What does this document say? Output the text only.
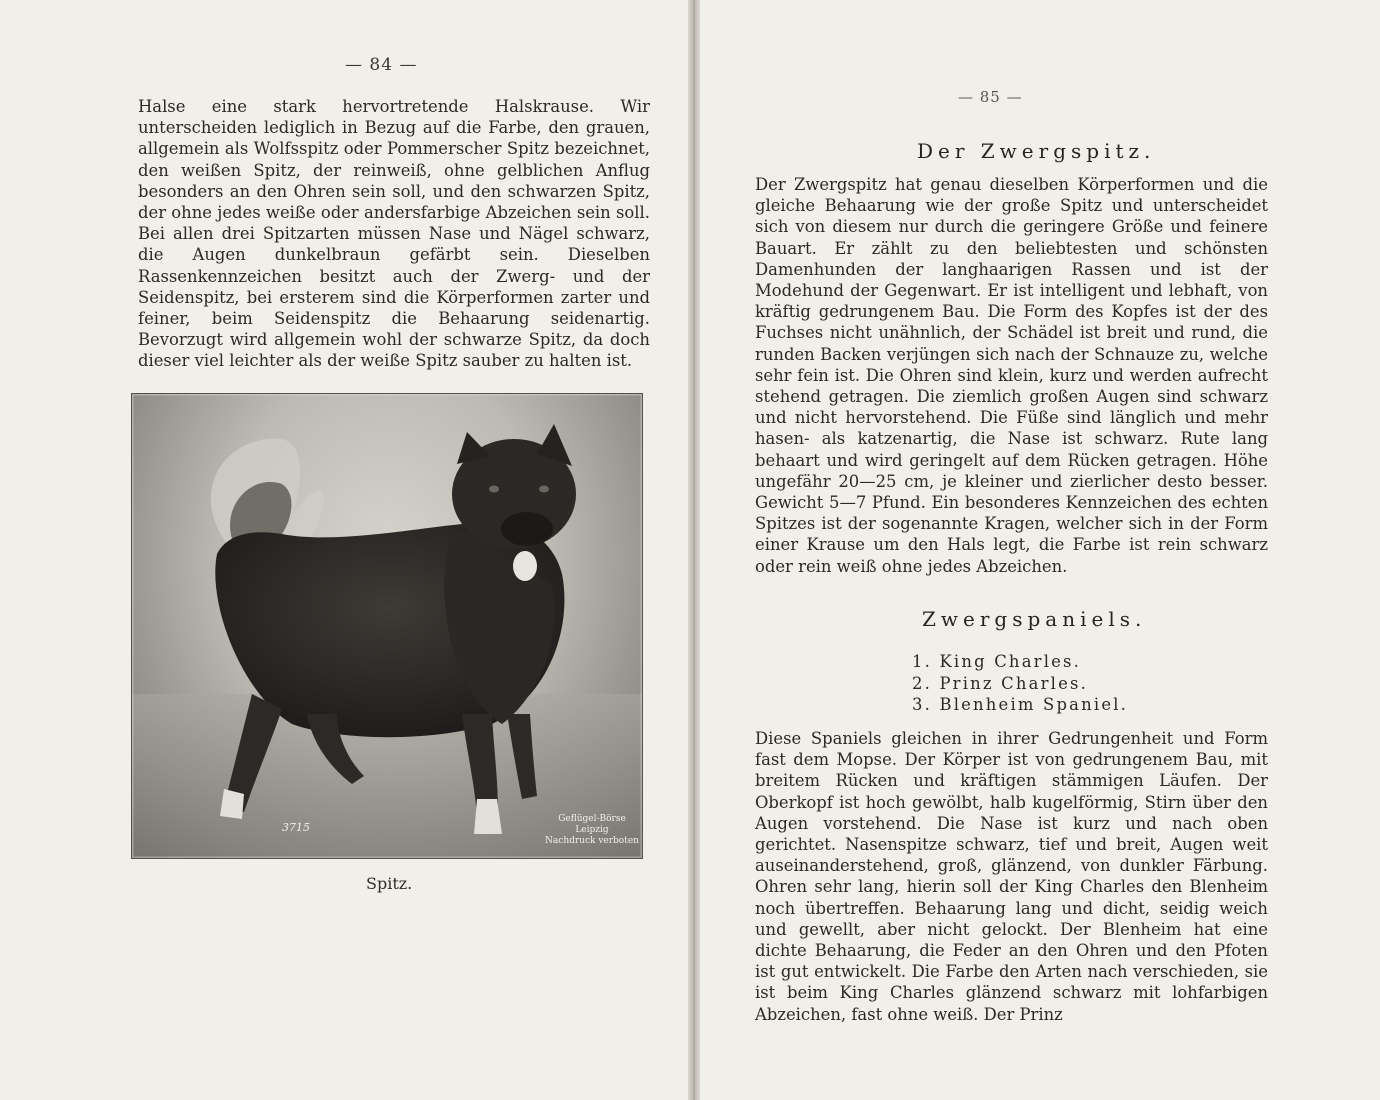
— 84 —
Halse eine stark hervortretende Halskrause. Wir unterscheiden lediglich in Bezug auf die Farbe, den grauen, allgemein als Wolfsspitz oder Pommerscher Spitz bezeichnet, den weißen Spitz, der reinweiß, ohne gelblichen Anflug besonders an den Ohren sein soll, und den schwarzen Spitz, der ohne jedes weiße oder andersfarbige Abzeichen sein soll. Bei allen drei Spitzarten müssen Nase und Nägel schwarz, die Augen dunkelbraun gefärbt sein. Dieselben Rassenkennzeichen besitzt auch der Zwerg- und der Seidenspitz, bei ersterem sind die Körperformen zarter und feiner, beim Seidenspitz die Behaarung seidenartig. Bevorzugt wird allgemein wohl der schwarze Spitz, da doch dieser viel leichter als der weiße Spitz sauber zu halten ist.
3715
Geflügel-Börse
Leipzig
Nachdruck verboten
Spitz.
— 85 —
Der Zwergspitz.
Der Zwergspitz hat genau dieselben Körperformen und die gleiche Behaarung wie der große Spitz und unterscheidet sich von diesem nur durch die geringere Größe und feinere Bauart. Er zählt zu den beliebtesten und schönsten Damenhunden der langhaarigen Rassen und ist der Modehund der Gegenwart. Er ist intelligent und lebhaft, von kräftig gedrungenem Bau. Die Form des Kopfes ist der des Fuchses nicht unähnlich, der Schädel ist breit und rund, die runden Backen verjüngen sich nach der Schnauze zu, welche sehr fein ist. Die Ohren sind klein, kurz und werden aufrecht stehend getragen. Die ziemlich großen Augen sind schwarz und nicht hervorstehend. Die Füße sind länglich und mehr hasen- als katzenartig, die Nase ist schwarz. Rute lang behaart und wird geringelt auf dem Rücken getragen. Höhe ungefähr 20—25 cm, je kleiner und zierlicher desto besser. Gewicht 5—7 Pfund. Ein besonderes Kennzeichen des echten Spitzes ist der sogenannte Kragen, welcher sich in der Form einer Krause um den Hals legt, die Farbe ist rein schwarz oder rein weiß ohne jedes Abzeichen.
Zwergspaniels.
1. King Charles.
2. Prinz Charles.
3. Blenheim Spaniel.
Diese Spaniels gleichen in ihrer Gedrungenheit und Form fast dem Mopse. Der Körper ist von gedrungenem Bau, mit breitem Rücken und kräftigen stämmigen Läufen. Der Oberkopf ist hoch gewölbt, halb kugelförmig, Stirn über den Augen vorstehend. Die Nase ist kurz und nach oben gerichtet. Nasenspitze schwarz, tief und breit, Augen weit auseinanderstehend, groß, glänzend, von dunkler Färbung. Ohren sehr lang, hierin soll der King Charles den Blenheim noch übertreffen. Behaarung lang und dicht, seidig weich und gewellt, aber nicht gelockt. Der Blenheim hat eine dichte Behaarung, die Feder an den Ohren und den Pfoten ist gut entwickelt. Die Farbe den Arten nach verschieden, sie ist beim King Charles glänzend schwarz mit lohfarbigen Abzeichen, fast ohne weiß. Der Prinz
